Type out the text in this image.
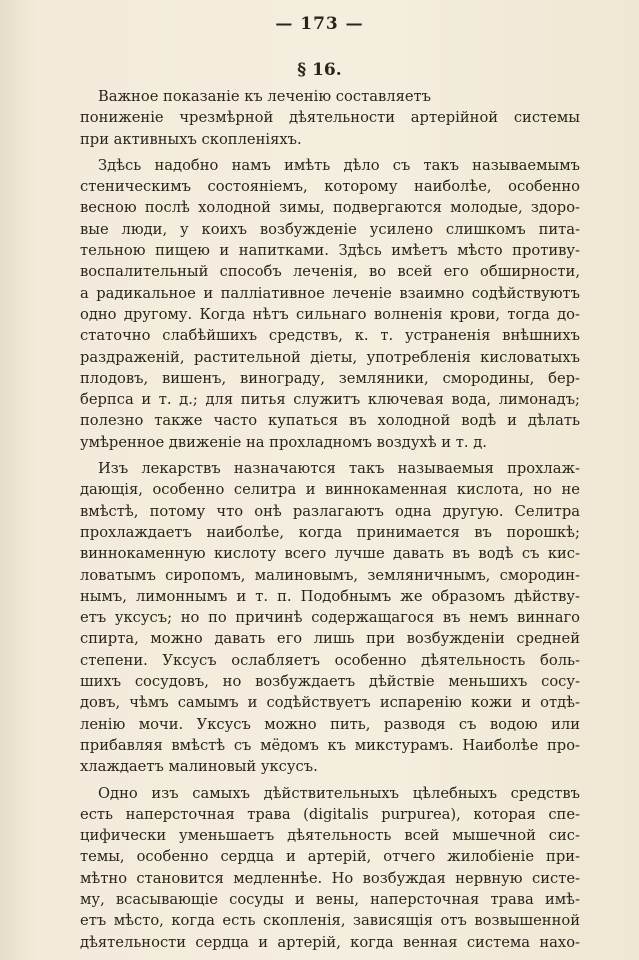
— 173 —
§ 16.
Важное показанiе къ леченiю составляетъ
пониженiе чрезмѣрной дѣятельности артерiйной системы
при активныхъ скопленiяхъ.
Здѣсь надобно намъ имѣть дѣло съ такъ называемымъ
стеническимъ состоянiемъ, которому наиболѣе, особенно
весною послѣ холодной зимы, подвергаются молодые, здоро-
вые люди, у коихъ возбужденiе усилено слишкомъ пита-
тельною пищею и напитками. Здѣсь имѣетъ мѣсто противу-
воспалительный способъ леченiя, во всей его обширности,
а радикальное и паллiативное леченiе взаимно содѣйствуютъ
одно другому. Когда нѣтъ сильнаго волненiя крови, тогда до-
статочно слабѣйшихъ средствъ, к. т. устраненiя внѣшнихъ
раздраженiй, растительной дiеты, употребленiя кисловатыхъ
плодовъ, вишенъ, винограду, земляники, смородины, бер-
берпса и т. д.; для питья служитъ ключевая вода, лимонадъ;
полезно также часто купаться въ холодной водѣ и дѣлать
умѣренное движенiе на прохладномъ воздухѣ и т. д.
Изъ лекарствъ назначаются такъ называемыя прохлаж-
дающiя, особенно селитра и виннокаменная кислота, но не
вмѣстѣ, потому что онѣ разлагаютъ одна другую. Селитра
прохлаждаетъ наиболѣе, когда принимается въ порошкѣ;
виннокаменную кислоту всего лучше давать въ водѣ съ кис-
ловатымъ сиропомъ, малиновымъ, земляничнымъ, смородин-
нымъ, лимоннымъ и т. п. Подобнымъ же образомъ дѣйству-
етъ уксусъ; но по причинѣ содержащагося въ немъ виннаго
спирта, можно давать его лишь при возбужденiи средней
степени. Уксусъ ослабляетъ особенно дѣятельность боль-
шихъ сосудовъ, но возбуждаетъ дѣйствiе меньшихъ сосу-
довъ, чѣмъ самымъ и содѣйствуетъ испаренiю кожи и отдѣ-
ленiю мочи. Уксусъ можно пить, разводя съ водою или
прибавляя вмѣстѣ съ мёдомъ къ микстурамъ. Наиболѣе про-
хлаждаетъ малиновый уксусъ.
Одно изъ самыхъ дѣйствительныхъ цѣлебныхъ средствъ
есть наперсточная трава (digitalis purpurea), которая спе-
цифически уменьшаетъ дѣятельность всей мышечной сис-
темы, особенно сердца и артерiй, отчего жилобiенiе при-
мѣтно становится медленнѣе. Но возбуждая нервную систе-
му, всасывающiе сосуды и вены, наперсточная трава имѣ-
етъ мѣсто, когда есть скопленiя, зависящiя отъ возвышенной
дѣятельности сердца и артерiй, когда венная система нахо-
